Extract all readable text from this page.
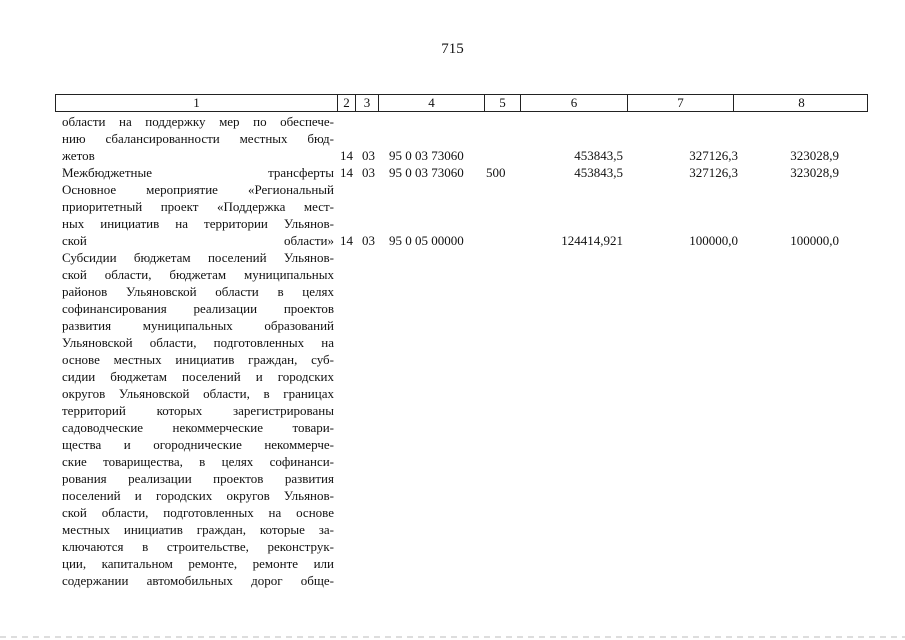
715
1	2	3	4	5	6	7	8
области на поддержку мер по обеспече-
нию сбалансированности местных бюд-
жетов	14 03 95 0 03 73060	453843,5	327126,3	323028,9
Межбюджетные трансферты 14 03 95 0 03 73060 500	453843,5	327126,3	323028,9
Основное мероприятие «Региональный
приоритетный проект «Поддержка мест-
ных инициатив на территории Ульянов-
ской области» 14 03 95 0 05 00000	124414,921	100000,0	100000,0
Субсидии бюджетам поселений Ульянов-
ской области, бюджетам муниципальных
районов Ульяновской области в целях
софинансирования реализации проектов
развития муниципальных образований
Ульяновской области, подготовленных на
основе местных инициатив граждан, суб-
сидии бюджетам поселений и городских
округов Ульяновской области, в границах
территорий которых зарегистрированы
садоводческие некоммерческие товари-
щества и огороднические некоммерче-
ские товарищества, в целях софинанси-
рования реализации проектов развития
поселений и городских округов Ульянов-
ской области, подготовленных на основе
местных инициатив граждан, которые за-
ключаются в строительстве, реконструк-
ции, капитальном ремонте, ремонте или
содержании автомобильных дорог обще-
